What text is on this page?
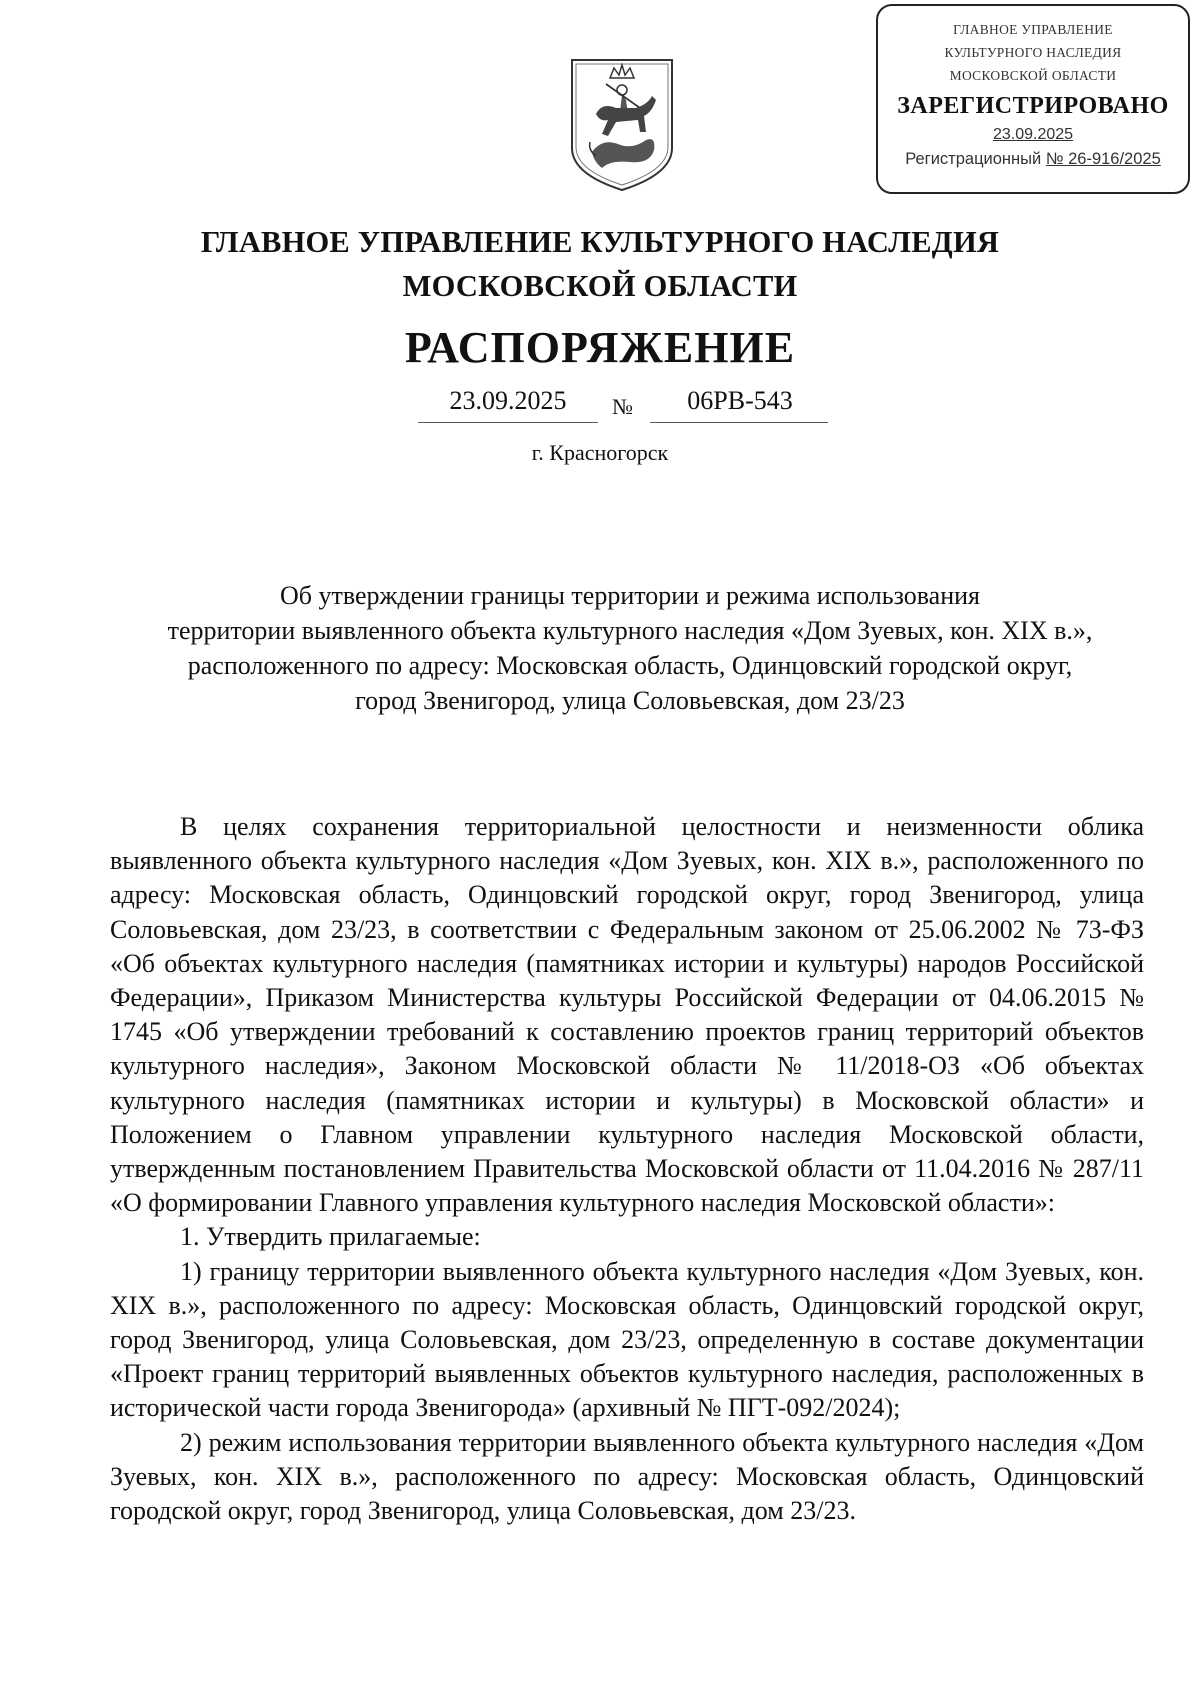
ГЛАВНОЕ УПРАВЛЕНИЕ
КУЛЬТУРНОГО НАСЛЕДИЯ
МОСКОВСКОЙ ОБЛАСТИ
ЗАРЕГИСТРИРОВАНО
23.09.2025
Регистрационный № 26-916/2025
ГЛАВНОЕ УПРАВЛЕНИЕ КУЛЬТУРНОГО НАСЛЕДИЯ
МОСКОВСКОЙ ОБЛАСТИ
РАСПОРЯЖЕНИЕ
23.09.2025	№	06РВ-543
г. Красногорск

Об утверждении границы территории и режима использования

территории выявленного объекта культурного наследия «Дом Зуевых, кон. XIX в.»,

расположенного по адресу: Московская область, Одинцовский городской округ,

город Звенигород, улица Соловьевская, дом 23/23

В целях сохранения территориальной целостности и неизменности облика выявленного объекта культурного наследия «Дом Зуевых, кон. XIX в.», расположенного по адресу: Московская область, Одинцовский городской округ, город Звенигород, улица Соловьевская, дом 23/23, в соответствии с Федеральным законом от 25.06.2002 № 73-ФЗ «Об объектах культурного наследия (памятниках истории и культуры) народов Российской Федерации», Приказом Министерства культуры Российской Федерации от 04.06.2015 № 1745 «Об утверждении требований к составлению проектов границ территорий объектов культурного наследия», Законом Московской области № 11/2018-ОЗ «Об объектах культурного наследия (памятниках истории и культуры) в Московской области» и Положением о Главном управлении культурного наследия Московской области, утвержденным постановлением Правительства Московской области от 11.04.2016 № 287/11 «О формировании Главного управления культурного наследия Московской области»:

1. Утвердить прилагаемые:

1) границу территории выявленного объекта культурного наследия «Дом Зуевых, кон. XIX в.», расположенного по адресу: Московская область, Одинцовский городской округ, город Звенигород, улица Соловьевская, дом 23/23, определенную в составе документации «Проект границ территорий выявленных объектов культурного наследия, расположенных в исторической части города Звенигорода» (архивный № ПГТ-092/2024);

2) режим использования территории выявленного объекта культурного наследия «Дом Зуевых, кон. XIX в.», расположенного по адресу: Московская область, Одинцовский городской округ, город Звенигород, улица Соловьевская, дом 23/23.
